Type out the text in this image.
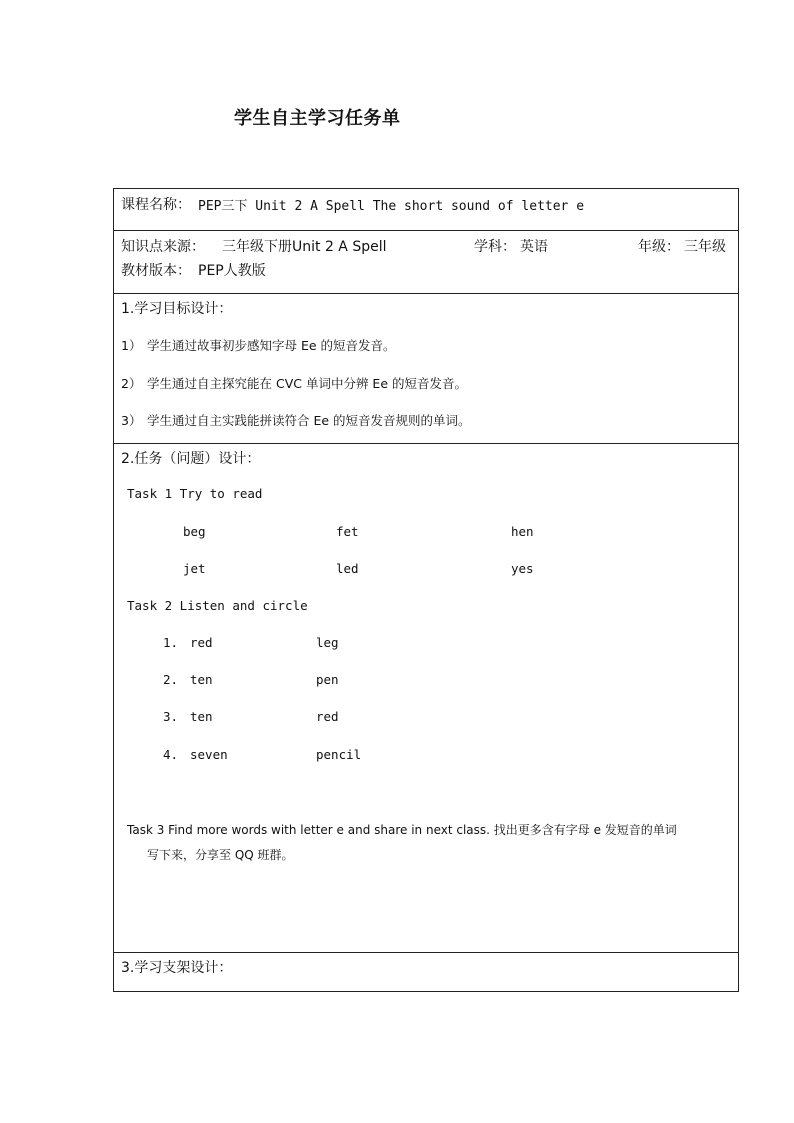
学生自主学习任务单
课程名称： PEP三下 Unit 2 A Spell The short sound of letter e
知识点来源： 三年级下册Unit 2 A Spell	学科： 英语	年级： 三年级
教材版本： PEP人教版
1.学习目标设计：
1） 学生通过故事初步感知字母 Ee 的短音发音。
2） 学生通过自主探究能在 CVC 单词中分辨 Ee 的短音发音。
3） 学生通过自主实践能拼读符合 Ee 的短音发音规则的单词。
2.任务（问题）设计：
Task 1 Try to read
beg	fet	hen
jet	led	yes
Task 2 Listen and circle
1. red	leg
2. ten	pen
3. ten	red
4. seven	pencil
Task 3 Find more words with letter e and share in next class. 找出更多含有字母 e 发短音的单词
写下来，分享至 QQ 班群。
3.学习支架设计：
